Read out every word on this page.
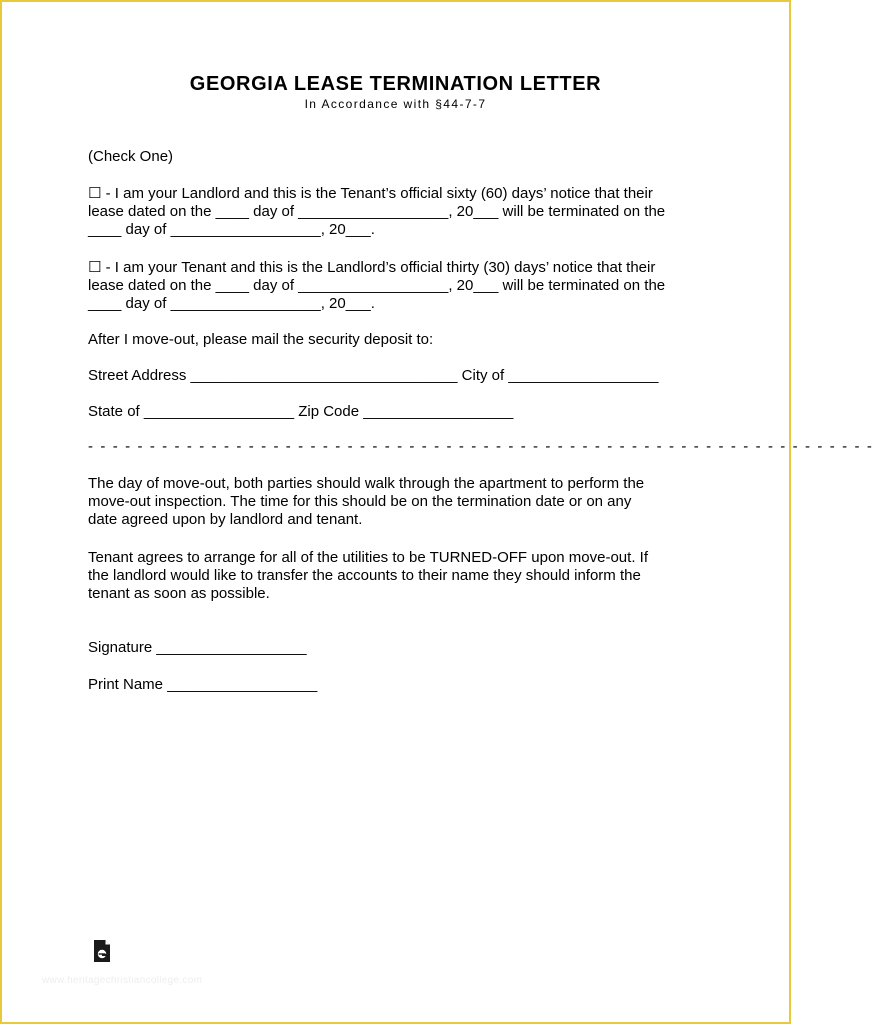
GEORGIA LEASE TERMINATION LETTER
In Accordance with §44-7-7

(Check One)

☐ - I am your Landlord and this is the Tenant’s official sixty (60) days’ notice that their
lease dated on the ____ day of __________________, 20___ will be terminated on the
____ day of __________________, 20___.

☐ - I am your Tenant and this is the Landlord’s official thirty (30) days’ notice that their
lease dated on the ____ day of __________________, 20___ will be terminated on the
____ day of __________________, 20___.

After I move-out, please mail the security deposit to:

Street Address ________________________________ City of __________________

State of __________________ Zip Code __________________

- - - - - - - - - - - - - - - - - - - - - - - - - - - - - - - - - - - - - - - - - - - - - - - - - - - - - - - - - - - - - - - -

The day of move-out, both parties should walk through the apartment to perform the
move-out inspection. The time for this should be on the termination date or on any
date agreed upon by landlord and tenant.

Tenant agrees to arrange for all of the utilities to be TURNED-OFF upon move-out. If
the landlord would like to transfer the accounts to their name they should inform the
tenant as soon as possible.

Signature __________________

Print Name __________________

www.heritagechristiancollege.com
